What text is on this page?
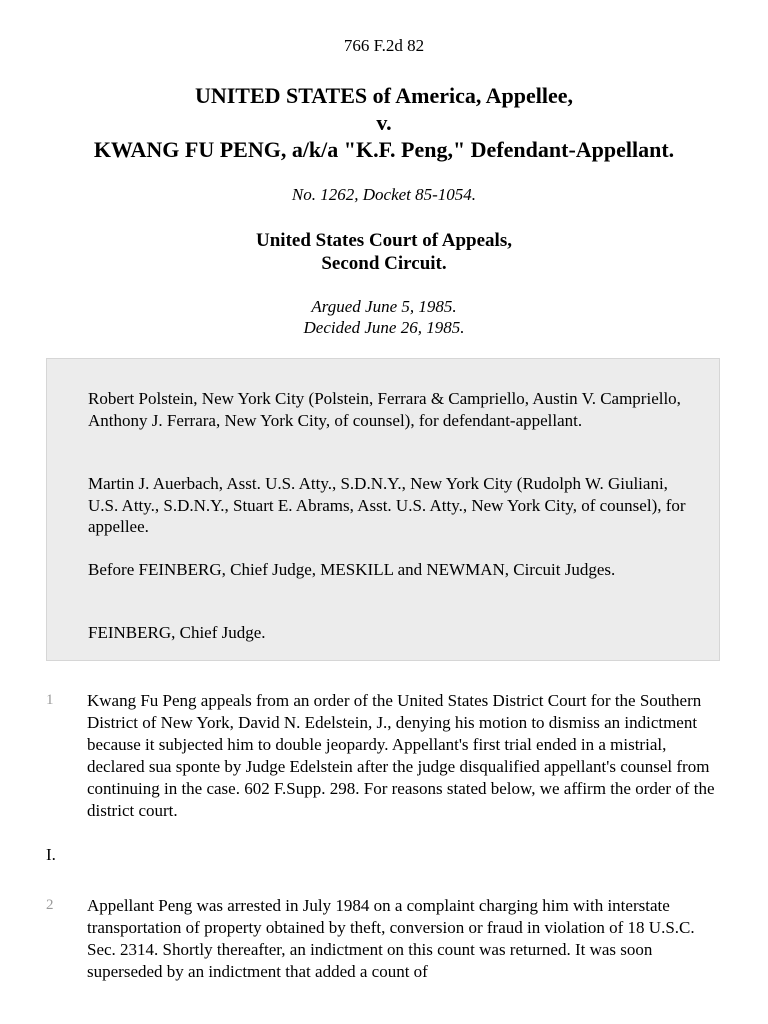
766 F.2d 82
UNITED STATES of America, Appellee,
v.
KWANG FU PENG, a/k/a "K.F. Peng," Defendant-Appellant.
No. 1262, Docket 85-1054.
United States Court of Appeals,
Second Circuit.
Argued June 5, 1985.
Decided June 26, 1985.

Robert Polstein, New York City (Polstein, Ferrara & Campriello, Austin V. Campriello, Anthony J. Ferrara, New York City, of counsel), for defendant-appellant.

Martin J. Auerbach, Asst. U.S. Atty., S.D.N.Y., New York City (Rudolph W. Giuliani, U.S. Atty., S.D.N.Y., Stuart E. Abrams, Asst. U.S. Atty., New York City, of counsel), for appellee.

Before FEINBERG, Chief Judge, MESKILL and NEWMAN, Circuit Judges.

FEINBERG, Chief Judge.

1 Kwang Fu Peng appeals from an order of the United States District Court for the Southern District of New York, David N. Edelstein, J., denying his motion to dismiss an indictment because it subjected him to double jeopardy. Appellant's first trial ended in a mistrial, declared sua sponte by Judge Edelstein after the judge disqualified appellant's counsel from continuing in the case. 602 F.Supp. 298. For reasons stated below, we affirm the order of the district court.

I.
2 Appellant Peng was arrested in July 1984 on a complaint charging him with interstate transportation of property obtained by theft, conversion or fraud in violation of 18 U.S.C. Sec. 2314. Shortly thereafter, an indictment on this count was returned. It was soon superseded by an indictment that added a count of
